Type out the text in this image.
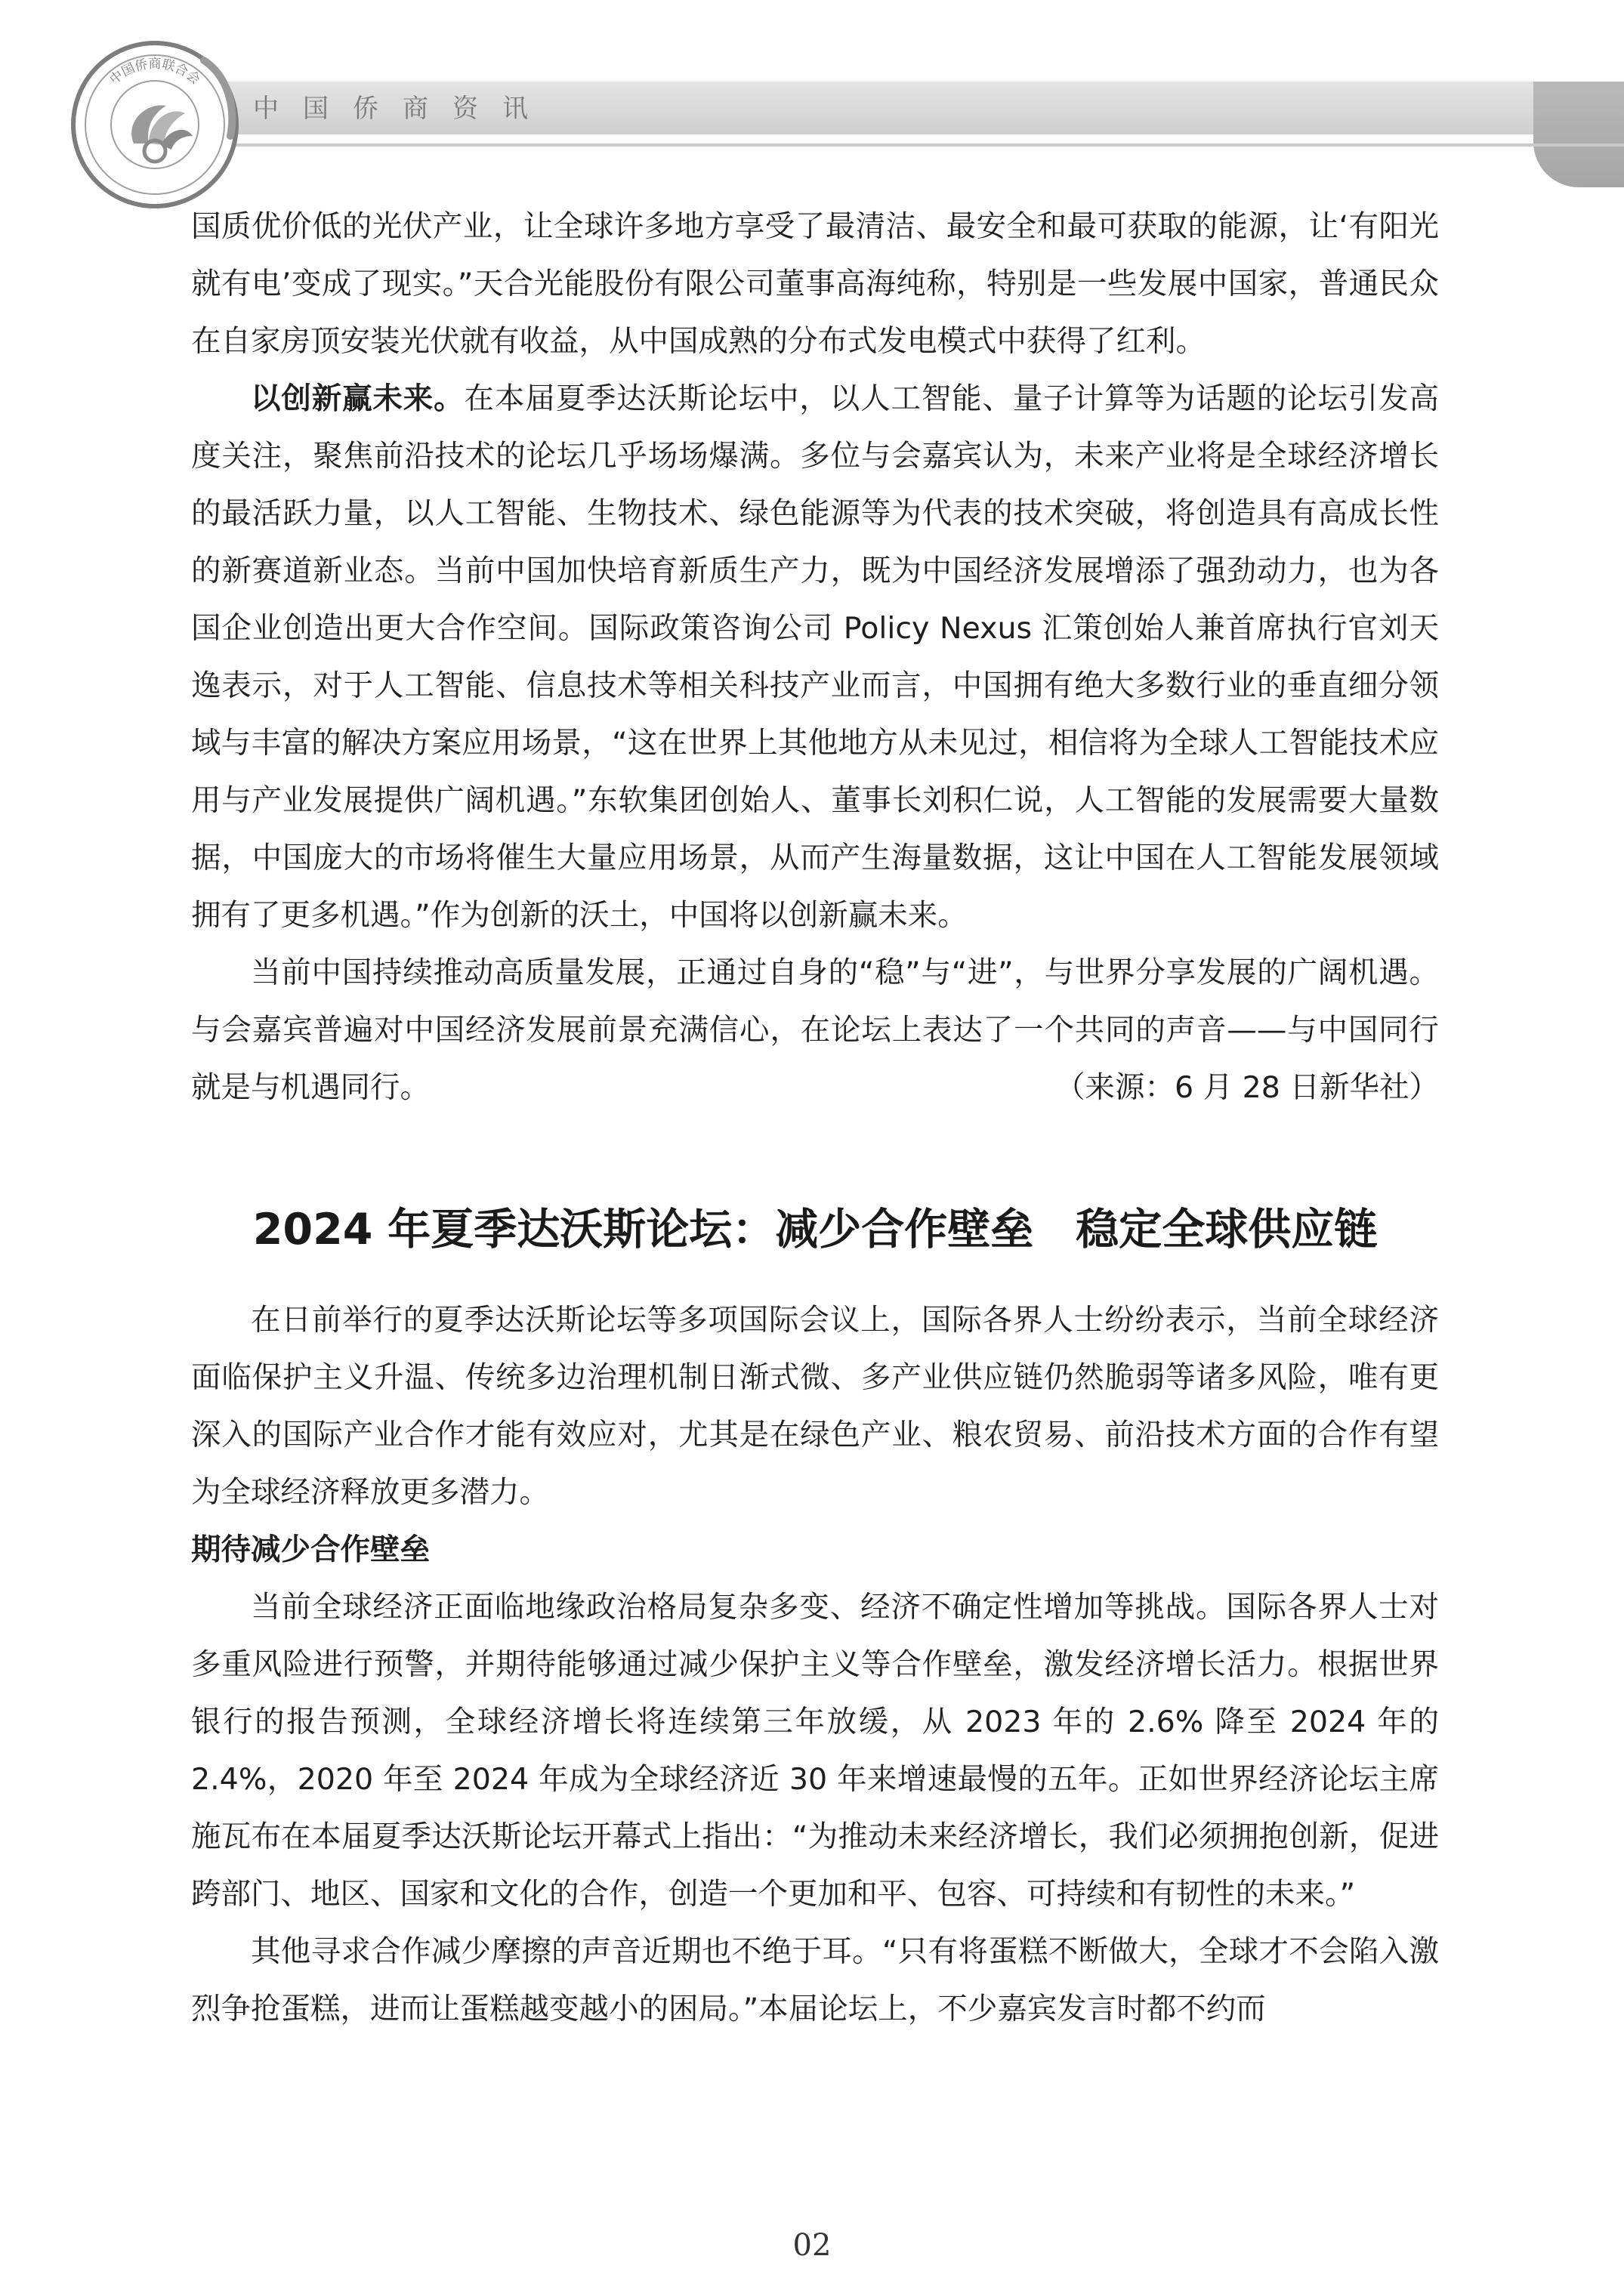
中国侨商资讯
中国侨商联合会

国质优价低的光伏产业，让全球许多地方享受了最清洁、最安全和最可获取的能源，让‘有阳光就有电’变成了现实。”天合光能股份有限公司董事高海纯称，特别是一些发展中国家，普通民众在自家房顶安装光伏就有收益，从中国成熟的分布式发电模式中获得了红利。

以创新赢未来。在本届夏季达沃斯论坛中，以人工智能、量子计算等为话题的论坛引发高度关注，聚焦前沿技术的论坛几乎场场爆满。多位与会嘉宾认为，未来产业将是全球经济增长的最活跃力量，以人工智能、生物技术、绿色能源等为代表的技术突破，将创造具有高成长性的新赛道新业态。当前中国加快培育新质生产力，既为中国经济发展增添了强劲动力，也为各国企业创造出更大合作空间。国际政策咨询公司 Policy Nexus 汇策创始人兼首席执行官刘天逸表示，对于人工智能、信息技术等相关科技产业而言，中国拥有绝大多数行业的垂直细分领域与丰富的解决方案应用场景，“这在世界上其他地方从未见过，相信将为全球人工智能技术应用与产业发展提供广阔机遇。”东软集团创始人、董事长刘积仁说，人工智能的发展需要大量数据，中国庞大的市场将催生大量应用场景，从而产生海量数据，这让中国在人工智能发展领域拥有了更多机遇。”作为创新的沃土，中国将以创新赢未来。

当前中国持续推动高质量发展，正通过自身的“稳”与“进”，与世界分享发展的广阔机遇。与会嘉宾普遍对中国经济发展前景充满信心，在论坛上表达了一个共同的声音——与中国同行就是与机遇同行。	（来源：6 月 28 日新华社）
2024 年夏季达沃斯论坛：减少合作壁垒 稳定全球供应链

在日前举行的夏季达沃斯论坛等多项国际会议上，国际各界人士纷纷表示，当前全球经济面临保护主义升温、传统多边治理机制日渐式微、多产业供应链仍然脆弱等诸多风险，唯有更深入的国际产业合作才能有效应对，尤其是在绿色产业、粮农贸易、前沿技术方面的合作有望为全球经济释放更多潜力。

期待减少合作壁垒

当前全球经济正面临地缘政治格局复杂多变、经济不确定性增加等挑战。国际各界人士对多重风险进行预警，并期待能够通过减少保护主义等合作壁垒，激发经济增长活力。根据世界银行的报告预测，全球经济增长将连续第三年放缓，从 2023 年的 2.6% 降至 2024 年的 2.4%，2020 年至 2024 年成为全球经济近 30 年来增速最慢的五年。正如世界经济论坛主席施瓦布在本届夏季达沃斯论坛开幕式上指出：“为推动未来经济增长，我们必须拥抱创新，促进跨部门、地区、国家和文化的合作，创造一个更加和平、包容、可持续和有韧性的未来。”

其他寻求合作减少摩擦的声音近期也不绝于耳。“只有将蛋糕不断做大，全球才不会陷入激烈争抢蛋糕，进而让蛋糕越变越小的困局。”本届论坛上，不少嘉宾发言时都不约而

02
